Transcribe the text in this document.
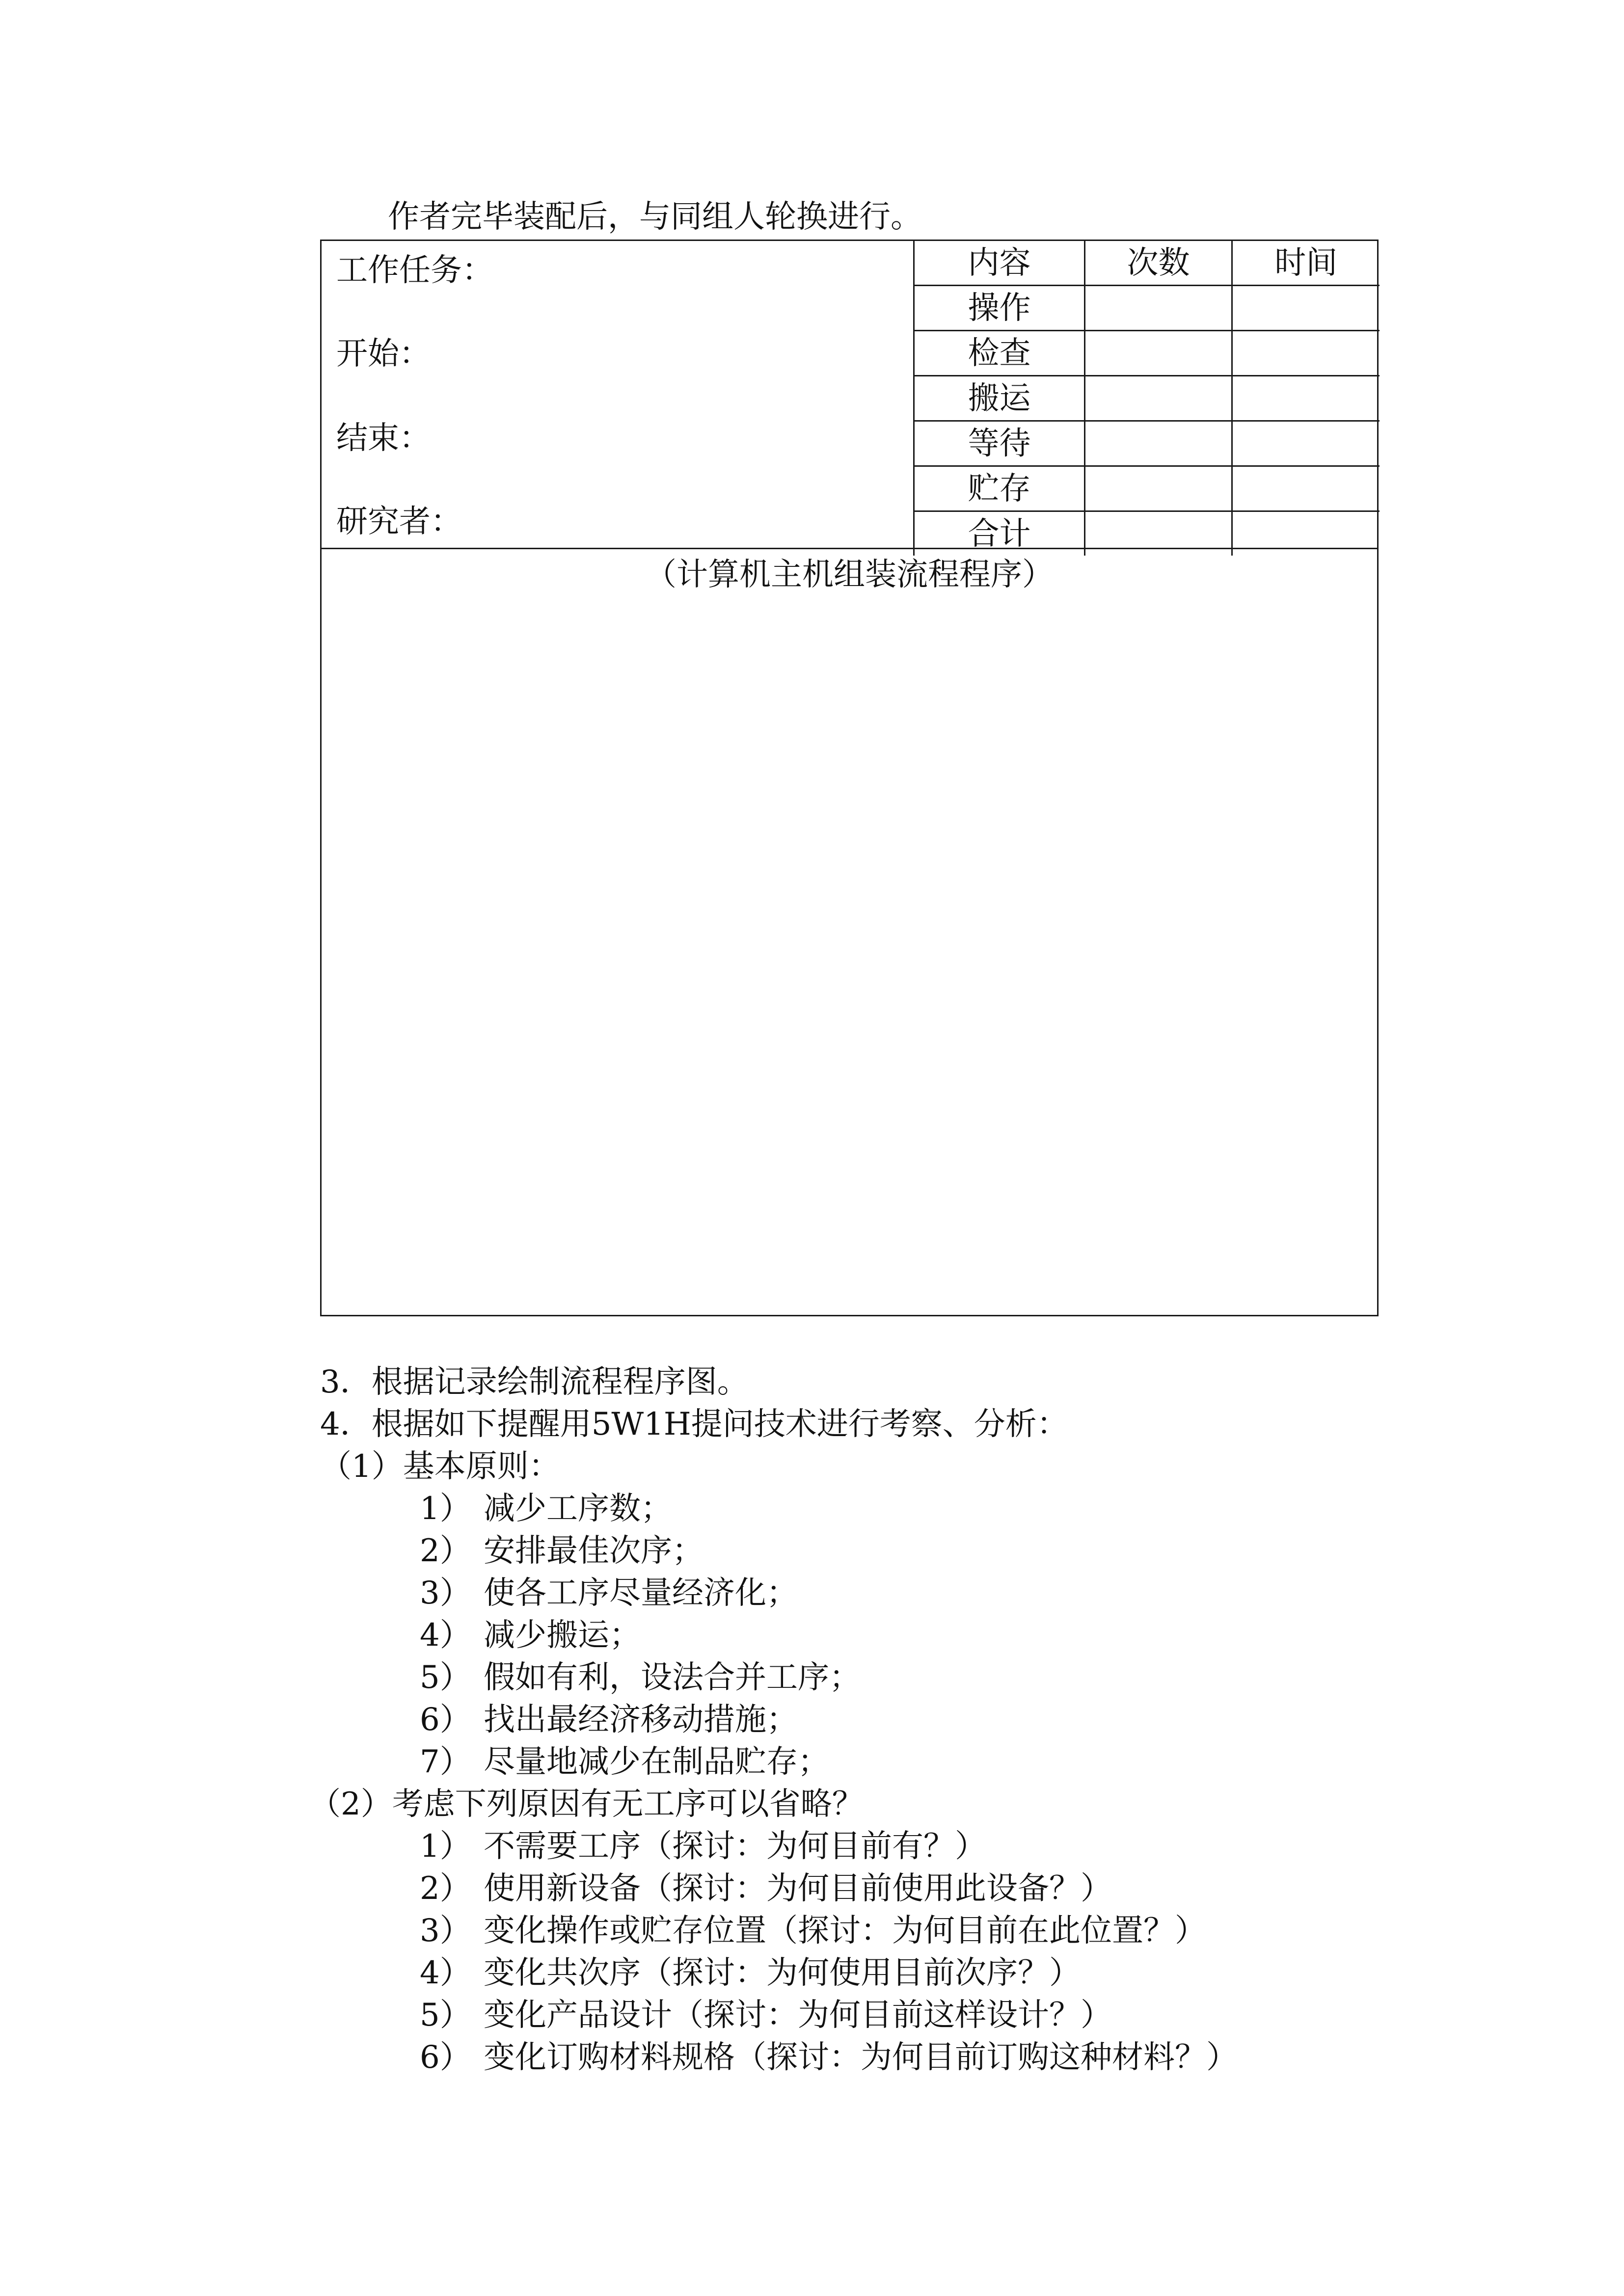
作者完毕装配后，与同组人轮换进行。
工作任务：
开始：
结束：
研究者：
内容	次数	时间
操作		
检查		
搬运		
等待		
贮存		
合计		
（计算机主机组装流程程序）
3．根据记录绘制流程程序图。
4．根据如下提醒用5W1H提问技术进行考察、分析：
（1）基本原则：
1） 减少工序数；
2） 安排最佳次序；
3） 使各工序尽量经济化；
4） 减少搬运；
5） 假如有利，设法合并工序；
6） 找出最经济移动措施；
7） 尽量地减少在制品贮存；
（2）考虑下列原因有无工序可以省略？
1） 不需要工序（探讨：为何目前有？）
2） 使用新设备（探讨：为何目前使用此设备？）
3） 变化操作或贮存位置（探讨：为何目前在此位置？）
4） 变化共次序（探讨：为何使用目前次序？）
5） 变化产品设计（探讨：为何目前这样设计？）
6） 变化订购材料规格（探讨：为何目前订购这种材料？）
